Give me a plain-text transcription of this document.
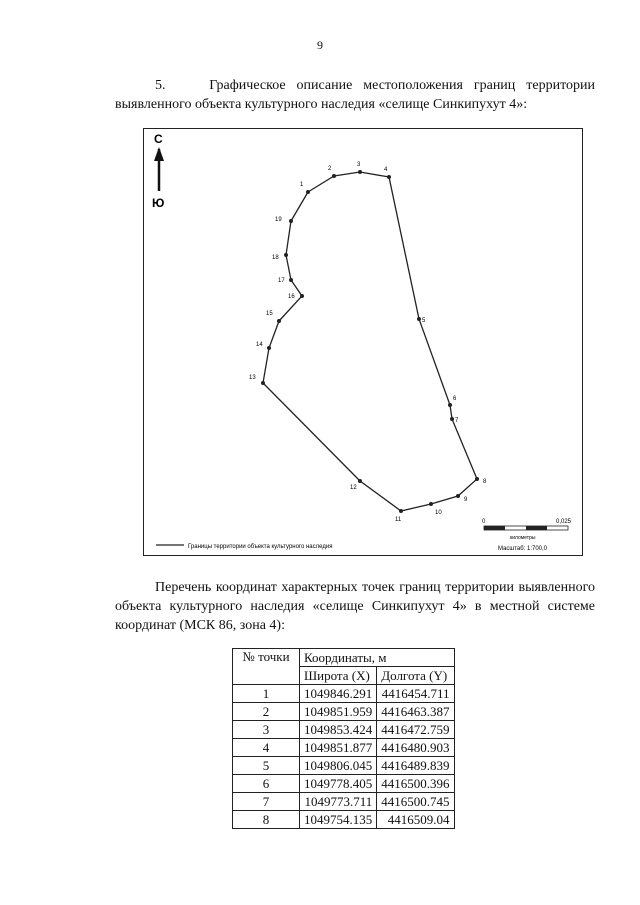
9
5.    Графическое описание местоположения границ территории выявленного объекта культурного наследия «селище Синкипухут 4»:
С
Ю
1
2
3
4
5
6
7
8
9
10
11
12
13
14
15
16
17
18
19
Границы территории объекта культурного наследия
0	0,025
километры
Масштаб: 1:700,0
Перечень координат характерных точек границ территории выявленного объекта культурного наследия «селище Синкипухут 4» в местной системе координат (МСК 86, зона 4):
№ точки	Координаты, м	
	Широта (X)	Долгота (Y)
1	1049846.291	4416454.711
2	1049851.959	4416463.387
3	1049853.424	4416472.759
4	1049851.877	4416480.903
5	1049806.045	4416489.839
6	1049778.405	4416500.396
7	1049773.711	4416500.745
8	1049754.135	4416509.04
